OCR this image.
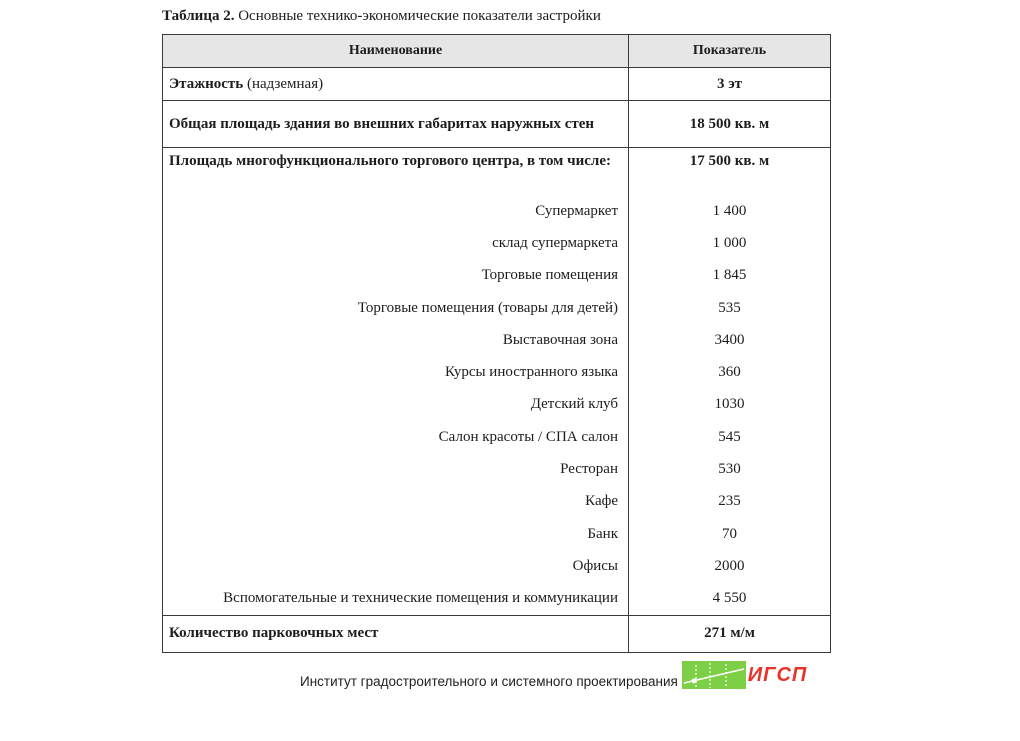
Таблица 2. Основные технико-экономические показатели застройки
Наименование	Показатель
Этажность (надземная)	3 эт
Общая площадь здания во внешних габаритах наружных стен	18 500 кв. м
Площадь многофункционального торгового центра, в том числе:	17 500 кв. м
Супермаркет	1 400
склад супермаркета	1 000
Торговые помещения	1 845
Торговые помещения (товары для детей)	535
Выставочная зона	3400
Курсы иностранного языка	360
Детский клуб	1030
Салон красоты / СПА салон	545
Ресторан	530
Кафе	235
Банк	70
Офисы	2000
Вспомогательные и технические помещения и коммуникации	4 550
Количество парковочных мест	271 м/м
Институт градостроительного и системного проектирования	ИГСП
